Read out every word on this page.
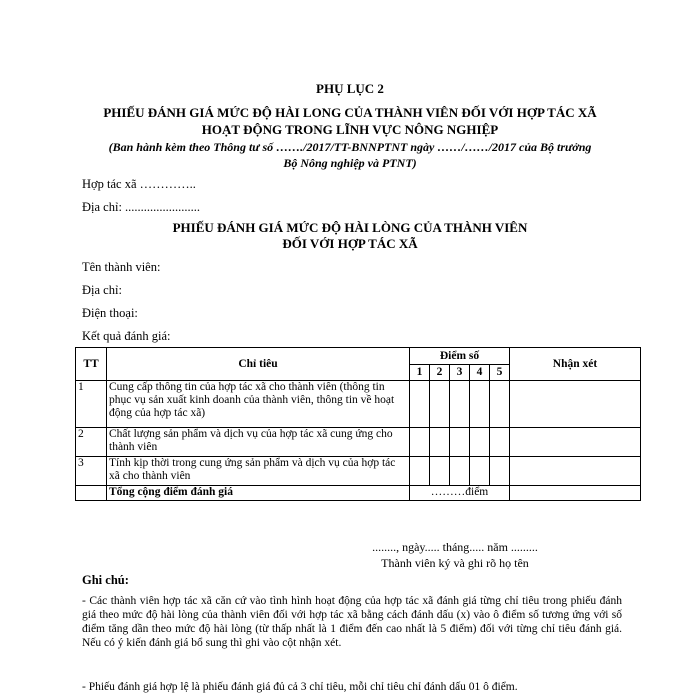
PHỤ LỤC 2
PHIẾU ĐÁNH GIÁ MỨC ĐỘ HÀI LONG CỦA THÀNH VIÊN ĐỐI VỚI HỢP TÁC XÃ
HOẠT ĐỘNG TRONG LĨNH VỰC NÔNG NGHIỆP
(Ban hành kèm theo Thông tư số ……./2017/TT-BNNPTNT ngày ……/……/2017 của Bộ trưởng
Bộ Nông nghiệp và PTNT)
Hợp tác xã …………..
Địa chỉ: ........................
PHIẾU ĐÁNH GIÁ MỨC ĐỘ HÀI LÒNG CỦA THÀNH VIÊN
ĐỐI VỚI HỢP TÁC XÃ
Tên thành viên:
Địa chỉ:
Điện thoại:
Kết quả đánh giá:
TT	Chỉ tiêu	Điểm số					Nhận xét
		1	2	3	4	5	
1	Cung cấp thông tin của hợp tác xã cho thành viên (thông tin phục vụ sản xuất kinh doanh của thành viên, thông tin về hoạt động của hợp tác xã)						
2	Chất lượng sản phẩm và dịch vụ của hợp tác xã cung ứng cho thành viên						
3	Tính kịp thời trong cung ứng sản phẩm và dịch vụ của hợp tác xã cho thành viên						
	Tổng cộng điểm đánh giá	………điểm					
........, ngày..... tháng..... năm .........
Thành viên ký và ghi rõ họ tên
Ghi chú:
- Các thành viên hợp tác xã căn cứ vào tình hình hoạt động của hợp tác xã đánh giá từng chỉ tiêu trong phiếu đánh giá theo mức độ hài lòng của thành viên đối với hợp tác xã bằng cách đánh dấu (x) vào ô điểm số tương ứng với số điểm tăng dần theo mức độ hài lòng (từ thấp nhất là 1 điểm đến cao nhất là 5 điểm) đối với từng chỉ tiêu đánh giá. Nếu có ý kiến đánh giá bổ sung thì ghi vào cột nhận xét.
- Phiếu đánh giá hợp lệ là phiếu đánh giá đủ cả 3 chỉ tiêu, mỗi chỉ tiêu chỉ đánh dấu 01 ô điểm.
